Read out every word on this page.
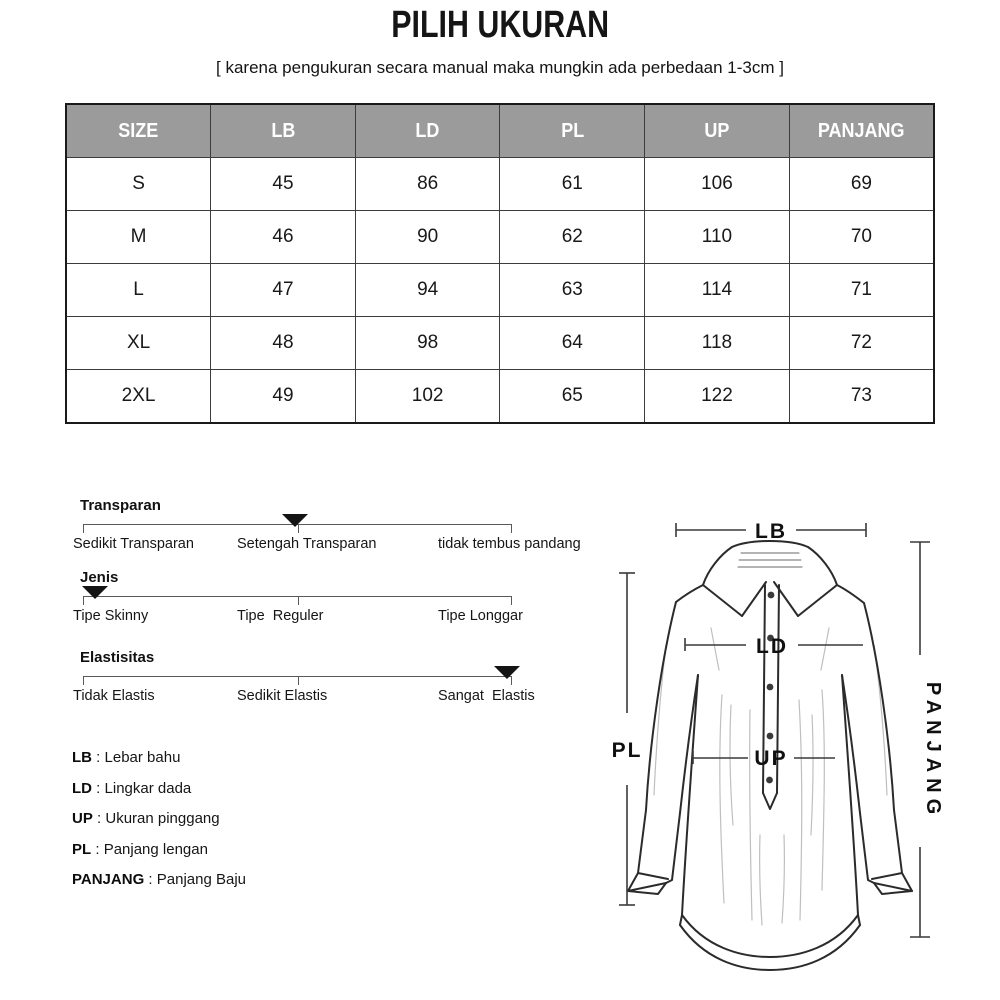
PILIH UKURAN
[ karena pengukuran secara manual maka mungkin ada perbedaan 1-3cm ]
SIZE	LB	LD	PL	UP	PANJANG
S	45	86	61	106	69
M	46	90	62	110	70
L	47	94	63	114	71
XL	48	98	64	118	72
2XL	49	102	65	122	73
Transparan
Sedikit Transparan	Setengah Transparan	tidak tembus pandang
Jenis
Tipe Skinny	Tipe  Reguler	Tipe Longgar
Elastisitas
Tidak Elastis	Sedikit Elastis	Sangat  Elastis
LB : Lebar bahu
LD : Lingkar dada
UP : Ukuran pinggang
PL : Panjang lengan
PANJANG : Panjang Baju
LB
LD
UP
PL	PANJANG
